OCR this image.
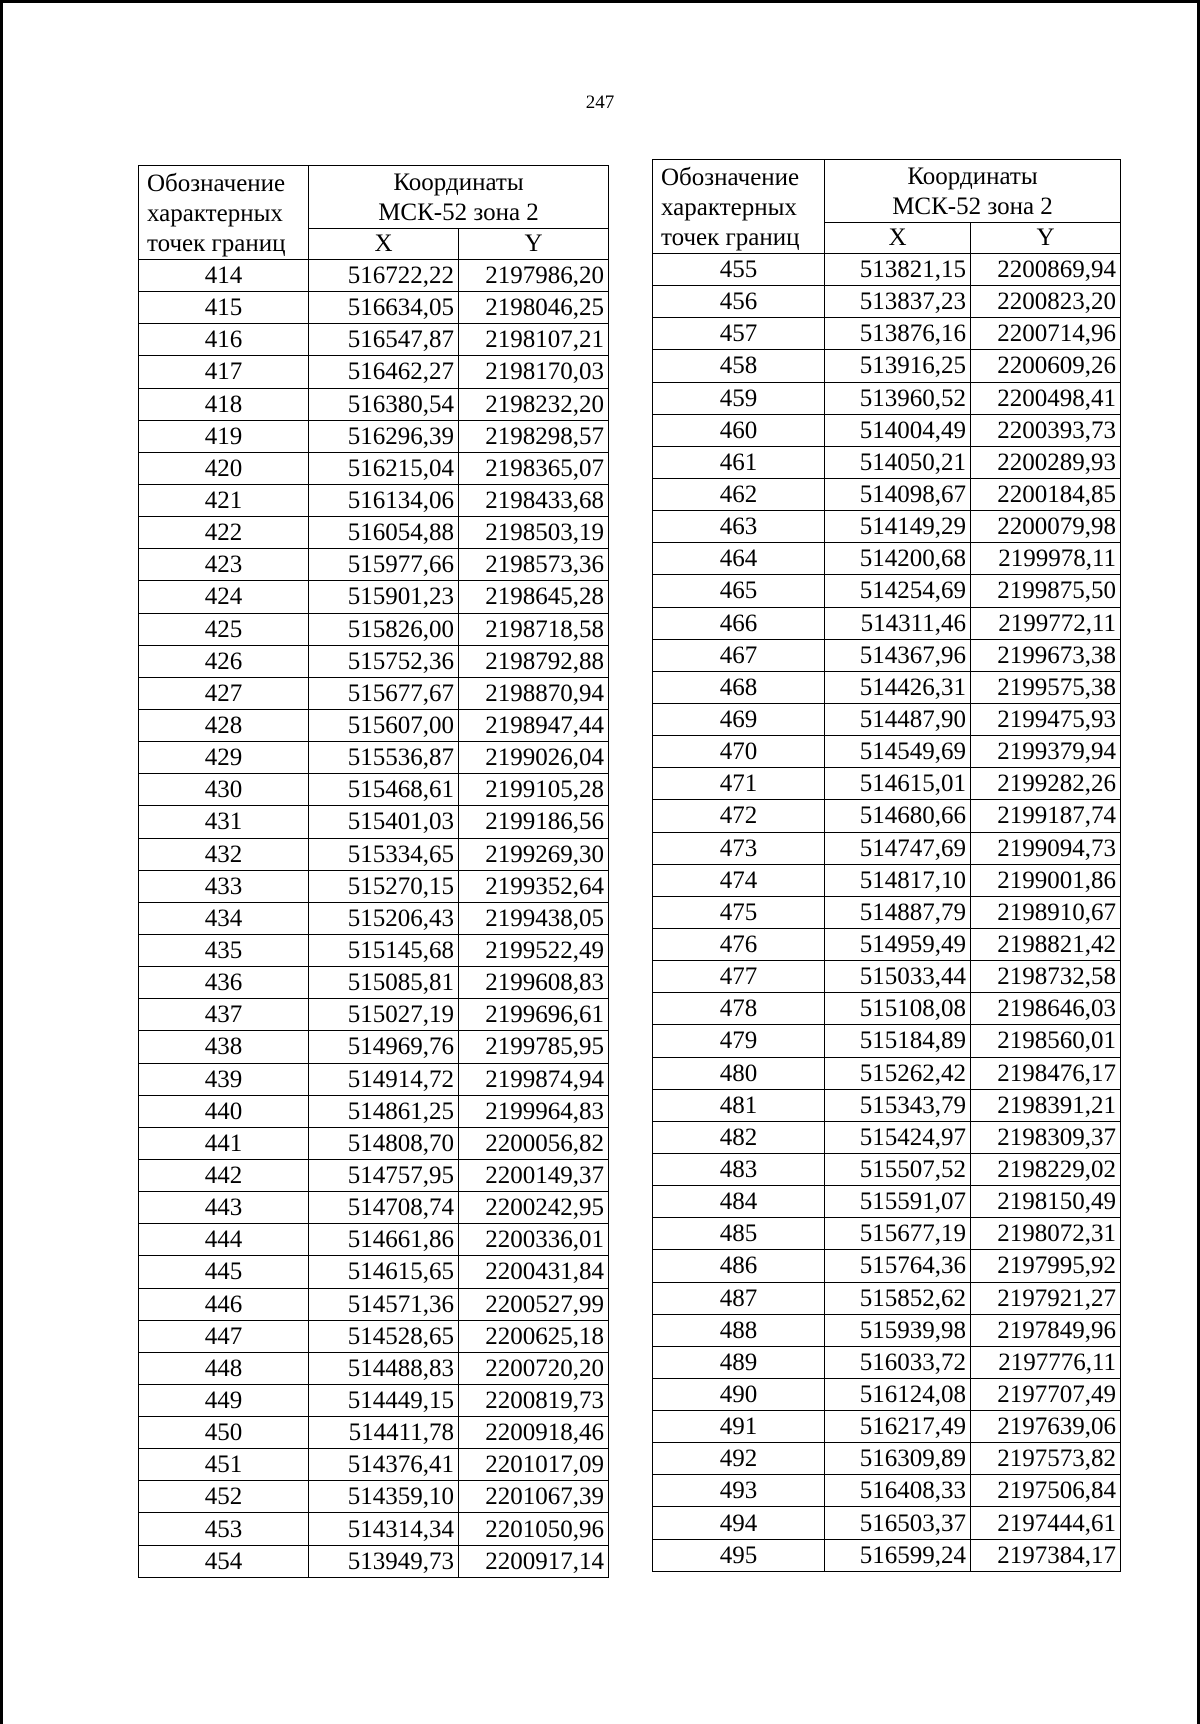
247
Обозначение характерных точек границ	Координаты МСК-52 зона 2	
	X	Y
414	516722,22	2197986,20
415	516634,05	2198046,25
416	516547,87	2198107,21
417	516462,27	2198170,03
418	516380,54	2198232,20
419	516296,39	2198298,57
420	516215,04	2198365,07
421	516134,06	2198433,68
422	516054,88	2198503,19
423	515977,66	2198573,36
424	515901,23	2198645,28
425	515826,00	2198718,58
426	515752,36	2198792,88
427	515677,67	2198870,94
428	515607,00	2198947,44
429	515536,87	2199026,04
430	515468,61	2199105,28
431	515401,03	2199186,56
432	515334,65	2199269,30
433	515270,15	2199352,64
434	515206,43	2199438,05
435	515145,68	2199522,49
436	515085,81	2199608,83
437	515027,19	2199696,61
438	514969,76	2199785,95
439	514914,72	2199874,94
440	514861,25	2199964,83
441	514808,70	2200056,82
442	514757,95	2200149,37
443	514708,74	2200242,95
444	514661,86	2200336,01
445	514615,65	2200431,84
446	514571,36	2200527,99
447	514528,65	2200625,18
448	514488,83	2200720,20
449	514449,15	2200819,73
450	514411,78	2200918,46
451	514376,41	2201017,09
452	514359,10	2201067,39
453	514314,34	2201050,96
454	513949,73	2200917,14
Обозначение характерных точек границ	Координаты МСК-52 зона 2	
	X	Y
455	513821,15	2200869,94
456	513837,23	2200823,20
457	513876,16	2200714,96
458	513916,25	2200609,26
459	513960,52	2200498,41
460	514004,49	2200393,73
461	514050,21	2200289,93
462	514098,67	2200184,85
463	514149,29	2200079,98
464	514200,68	2199978,11
465	514254,69	2199875,50
466	514311,46	2199772,11
467	514367,96	2199673,38
468	514426,31	2199575,38
469	514487,90	2199475,93
470	514549,69	2199379,94
471	514615,01	2199282,26
472	514680,66	2199187,74
473	514747,69	2199094,73
474	514817,10	2199001,86
475	514887,79	2198910,67
476	514959,49	2198821,42
477	515033,44	2198732,58
478	515108,08	2198646,03
479	515184,89	2198560,01
480	515262,42	2198476,17
481	515343,79	2198391,21
482	515424,97	2198309,37
483	515507,52	2198229,02
484	515591,07	2198150,49
485	515677,19	2198072,31
486	515764,36	2197995,92
487	515852,62	2197921,27
488	515939,98	2197849,96
489	516033,72	2197776,11
490	516124,08	2197707,49
491	516217,49	2197639,06
492	516309,89	2197573,82
493	516408,33	2197506,84
494	516503,37	2197444,61
495	516599,24	2197384,17
